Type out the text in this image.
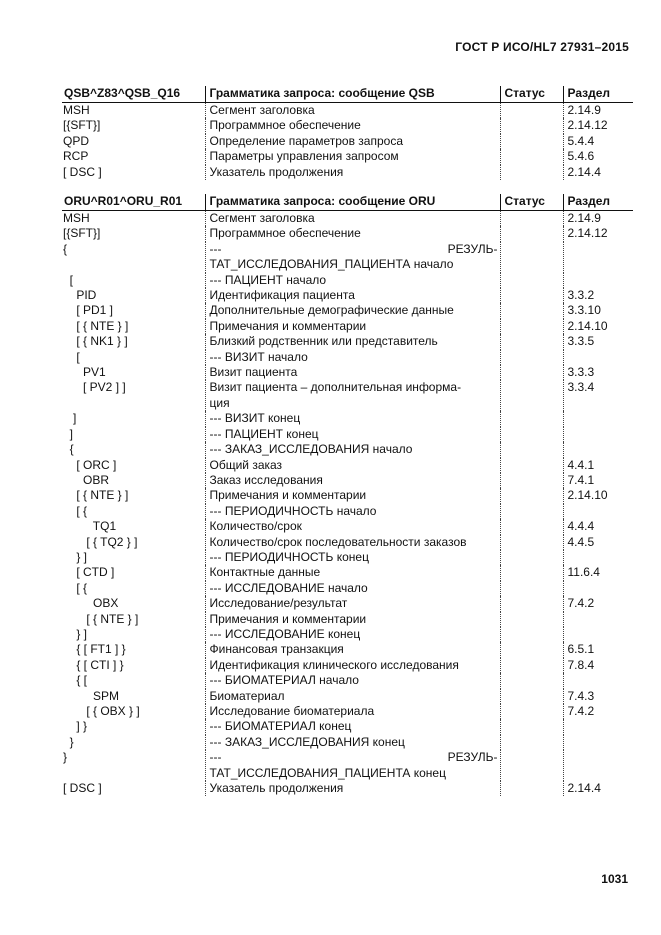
ГОСТ Р ИСО/HL7 27931–2015
QSB^Z83^QSB_Q16	Грамматика запроса: сообщение QSB	Статус	Раздел
MSH	Сегмент заголовка		2.14.9
[{SFT}]	Программное обеспечение		2.14.12
QPD	Определение параметров запроса		5.4.4
RCP	Параметры управления запросом		5.4.6
[ DSC ]	Указатель продолжения		2.14.4
ORU^R01^ORU_R01	Грамматика запроса: сообщение ORU	Статус	Раздел
MSH	Сегмент заголовка		2.14.9
[{SFT}]	Программное обеспечение		2.14.12
{	--- РЕЗУЛЬ-
ТАТ_ИССЛЕДОВАНИЯ_ПАЦИЕНТА начало		

[	--- ПАЦИЕНТ начало		
PID	Идентификация пациента		3.3.2
[ PD1 ]	Дополнительные демографические данные		3.3.10
[ { NTE } ]	Примечания и комментарии		2.14.10
[ { NK1 } ]	Близкий родственник или представитель		3.3.5
[	--- ВИЗИТ начало		
PV1	Визит пациента		3.3.3
[ PV2 ] ]	Визит пациента – дополнительная информа-
ция		3.3.4
]	--- ВИЗИТ конец		
]	--- ПАЦИЕНТ конец		
{	--- ЗАКАЗ_ИССЛЕДОВАНИЯ начало		
[ ORC ]	Общий заказ		4.4.1
OBR	Заказ исследования		7.4.1
[ { NTE } ]	Примечания и комментарии		2.14.10
[ {	--- ПЕРИОДИЧНОСТЬ начало		
TQ1	Количество/срок		4.4.4
[ { TQ2 } ]	Количество/срок последовательности заказов		4.4.5
} ]	--- ПЕРИОДИЧНОСТЬ конец		
[ CTD ]	Контактные данные		11.6.4
[ {	--- ИССЛЕДОВАНИЕ начало		
OBX	Исследование/результат		7.4.2
[ { NTE } ]	Примечания и комментарии		
} ]	--- ИССЛЕДОВАНИЕ конец		
{ [ FT1 ] }	Финансовая транзакция		6.5.1
{ [ CTI ] }	Идентификация клинического исследования		7.8.4
{ [	--- БИОМАТЕРИАЛ начало		
SPM	Биоматериал		7.4.3
[ { OBX } ]	Исследование биоматериала		7.4.2
] }	--- БИОМАТЕРИАЛ конец		
}	--- ЗАКАЗ_ИССЛЕДОВАНИЯ конец		
}	--- РЕЗУЛЬ-
ТАТ_ИССЛЕДОВАНИЯ_ПАЦИЕНТА конец		

[ DSC ]	Указатель продолжения		2.14.4
1031
